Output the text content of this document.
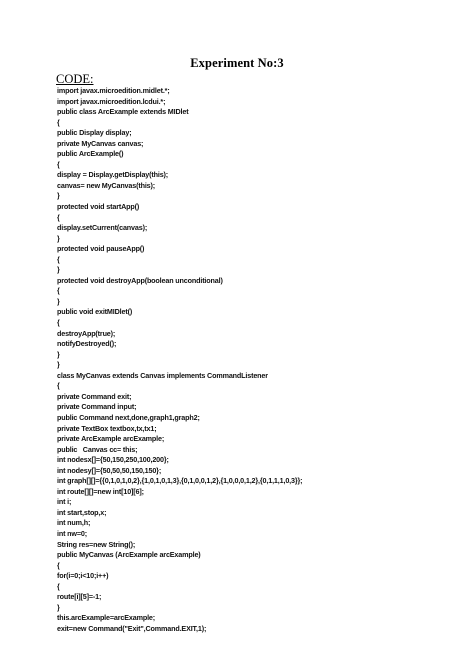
Experiment No:3
CODE:
import javax.microedition.midlet.*;
import javax.microedition.lcdui.*;
public class ArcExample extends MIDlet
{
public Display display;
private MyCanvas canvas;
public ArcExample()
{
display = Display.getDisplay(this);
canvas= new MyCanvas(this);
}
protected void startApp()
{
display.setCurrent(canvas);
}
protected void pauseApp()
{
}
protected void destroyApp(boolean unconditional)
{
}
public void exitMIDlet()
{
destroyApp(true);
notifyDestroyed();
}
}
class MyCanvas extends Canvas implements CommandListener
{
private Command exit;
private Command input;
public Command next,done,graph1,graph2;
private TextBox textbox,tx,tx1;
private ArcExample arcExample;
public   Canvas cc= this;
int nodesx[]={50,150,250,100,200};
int nodesy[]={50,50,50,150,150};
int graph[][]={{0,1,0,1,0,2},{1,0,1,0,1,3},{0,1,0,0,1,2},{1,0,0,0,1,2},{0,1,1,1,0,3}};
int route[][]=new int[10][6];
int i;
int start,stop,x;
int num,h;
int nw=0;
String res=new String();
public MyCanvas (ArcExample arcExample)
{
for(i=0;i<10;i++)
{
route[i][5]=-1;
}
this.arcExample=arcExample;
exit=new Command("Exit",Command.EXIT,1);
